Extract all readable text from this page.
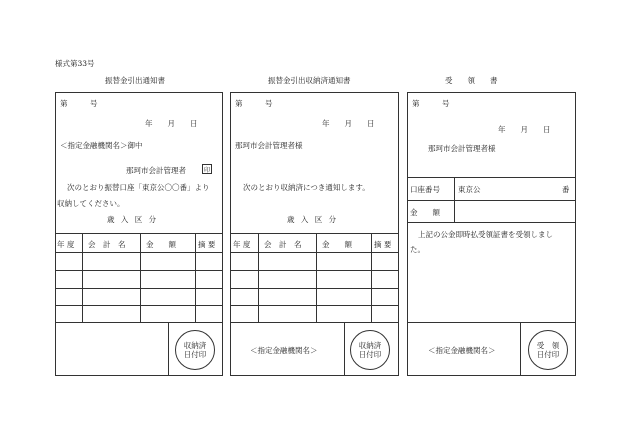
様式第33号
振替金引出通知書
第　　　号
年　　月　　日
＜指定金融機関名＞御中
那珂市会計管理者	印
次のとおり振替口座「東京公〇〇番」より
収納してください。
歳 入 区 分
年 度 会　計　名	金　　額	摘 要
収納済
日付印
振替金引出収納済通知書
第　　　号
年　　月　　日
那珂市会計管理者様
次のとおり収納済につき通知します。
歳 入 区 分
年 度 会　計　名	金　　額	摘 要
＜指定金融機関名＞
収納済
日付印
受　　領　　書
第　　　号
年　　月　　日
那珂市会計管理者様
口座番号 東京公	番
金　　額
上記の公金即時払受領証書を受領しまし
た。
＜指定金融機関名＞
受　領
日付印
